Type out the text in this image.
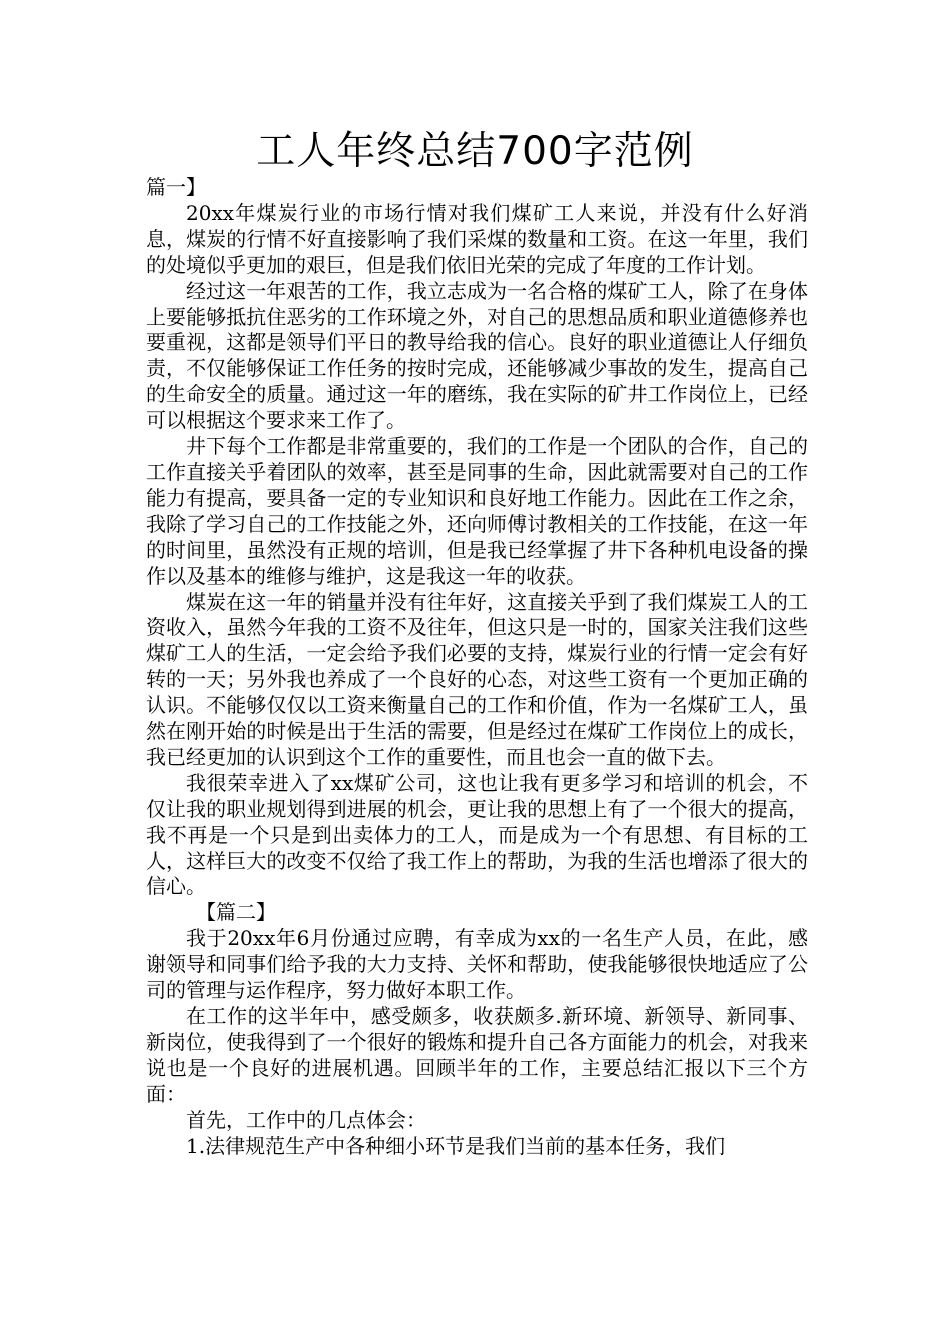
工人年终总结700字范例

篇一】

20xx年煤炭行业的市场行情对我们煤矿工人来说，并没有什么好消息，煤炭的行情不好直接影响了我们采煤的数量和工资。在这一年里，我们的处境似乎更加的艰巨，但是我们依旧光荣的完成了年度的工作计划。

经过这一年艰苦的工作，我立志成为一名合格的煤矿工人，除了在身体上要能够抵抗住恶劣的工作环境之外，对自己的思想品质和职业道德修养也要重视，这都是领导们平日的教导给我的信心。良好的职业道德让人仔细负责，不仅能够保证工作任务的按时完成，还能够减少事故的发生，提高自己的生命安全的质量。通过这一年的磨练，我在实际的矿井工作岗位上，已经可以根据这个要求来工作了。

井下每个工作都是非常重要的，我们的工作是一个团队的合作，自己的工作直接关乎着团队的效率，甚至是同事的生命，因此就需要对自己的工作能力有提高，要具备一定的专业知识和良好地工作能力。因此在工作之余，我除了学习自己的工作技能之外，还向师傅讨教相关的工作技能，在这一年的时间里，虽然没有正规的培训，但是我已经掌握了井下各种机电设备的操作以及基本的维修与维护，这是我这一年的收获。

煤炭在这一年的销量并没有往年好，这直接关乎到了我们煤炭工人的工资收入，虽然今年我的工资不及往年，但这只是一时的，国家关注我们这些煤矿工人的生活，一定会给予我们必要的支持，煤炭行业的行情一定会有好转的一天；另外我也养成了一个良好的心态，对这些工资有一个更加正确的认识。不能够仅仅以工资来衡量自己的工作和价值，作为一名煤矿工人，虽然在刚开始的时候是出于生活的需要，但是经过在煤矿工作岗位上的成长，我已经更加的认识到这个工作的重要性，而且也会一直的做下去。

我很荣幸进入了xx煤矿公司，这也让我有更多学习和培训的机会，不仅让我的职业规划得到进展的机会，更让我的思想上有了一个很大的提高，我不再是一个只是到出卖体力的工人，而是成为一个有思想、有目标的工人，这样巨大的改变不仅给了我工作上的帮助，为我的生活也增添了很大的信心。

【篇二】

我于20xx年6月份通过应聘，有幸成为xx的一名生产人员，在此，感谢领导和同事们给予我的大力支持、关怀和帮助，使我能够很快地适应了公司的管理与运作程序，努力做好本职工作。

在工作的这半年中，感受颇多，收获颇多.新环境、新领导、新同事、新岗位，使我得到了一个很好的锻炼和提升自己各方面能力的机会，对我来说也是一个良好的进展机遇。回顾半年的工作，主要总结汇报以下三个方面：

首先，工作中的几点体会：

1.法律规范生产中各种细小环节是我们当前的基本任务，我们
